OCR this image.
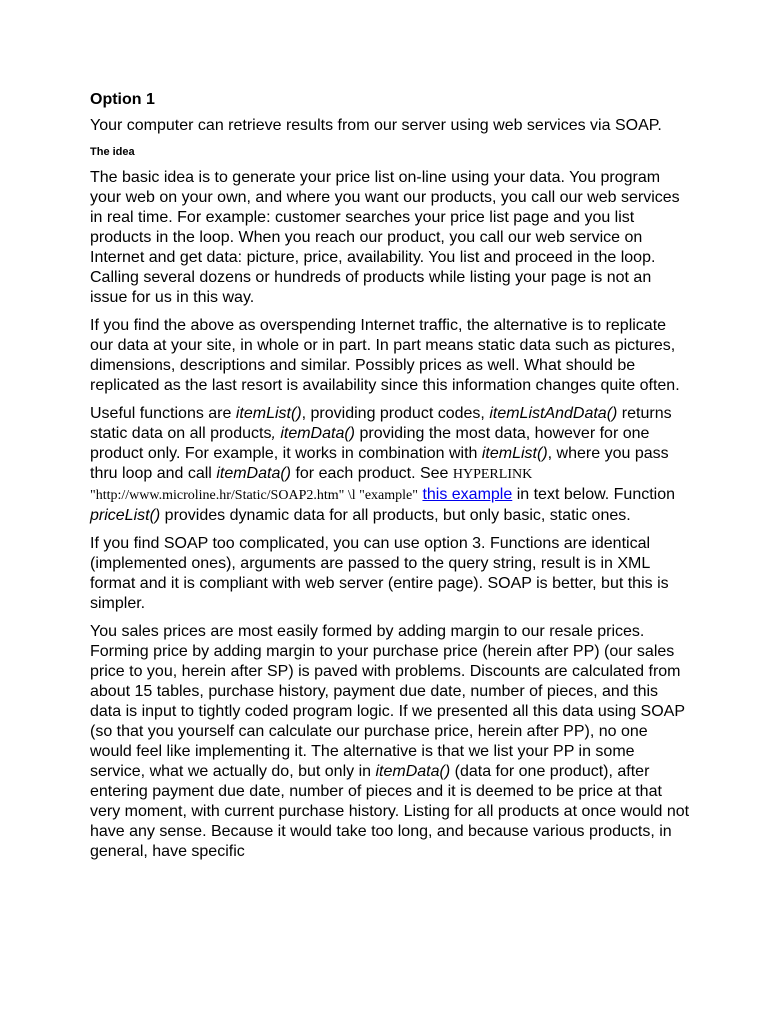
Option 1

Your computer can retrieve results from our server using web services via SOAP.

The idea

The basic idea is to generate your price list on-line using your data. You program your web on your own, and where you want our products, you call our web services in real time. For example: customer searches your price list page and you list products in the loop. When you reach our product, you call our web service on Internet and get data: picture, price, availability. You list and proceed in the loop. Calling several dozens or hundreds of products while listing your page is not an issue for us in this way.

If you find the above as overspending Internet traffic, the alternative is to replicate our data at your site, in whole or in part. In part means static data such as pictures, dimensions, descriptions and similar. Possibly prices as well. What should be replicated as the last resort is availability since this information changes quite often.

Useful functions are itemList(), providing product codes, itemListAndData() returns static data on all products, itemData() providing the most data, however for one product only. For example, it works in combination with itemList(), where you pass thru loop and call itemData() for each product. See HYPERLINK "http://www.microline.hr/Static/SOAP2.htm" \l "example" this example in text below. Function priceList() provides dynamic data for all products, but only basic, static ones.

If you find SOAP too complicated, you can use option 3. Functions are identical (implemented ones), arguments are passed to the query string, result is in XML format and it is compliant with web server (entire page). SOAP is better, but this is simpler.

You sales prices are most easily formed by adding margin to our resale prices. Forming price by adding margin to your purchase price (herein after PP) (our sales price to you, herein after SP) is paved with problems. Discounts are calculated from about 15 tables, purchase history, payment due date, number of pieces, and this data is input to tightly coded program logic. If we presented all this data using SOAP (so that you yourself can calculate our purchase price, herein after PP), no one would feel like implementing it. The alternative is that we list your PP in some service, what we actually do, but only in itemData() (data for one product), after entering payment due date, number of pieces and it is deemed to be price at that very moment, with current purchase history. Listing for all products at once would not have any sense. Because it would take too long, and because various products, in general, have specific
